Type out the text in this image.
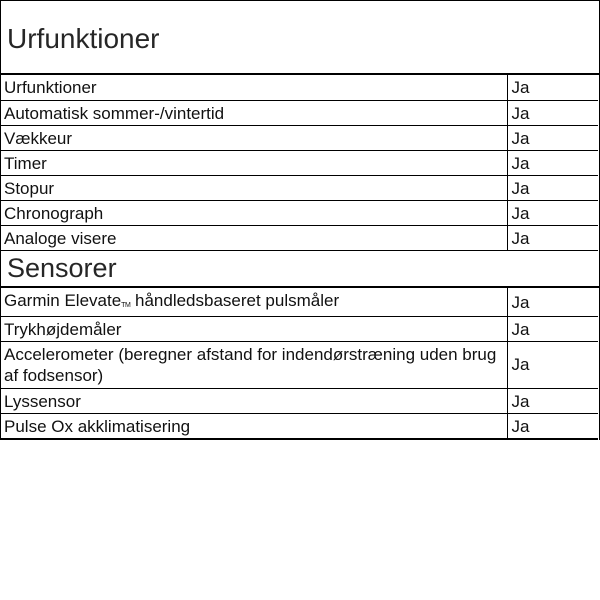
Urfunktioner
Urfunktioner	Ja
Automatisk sommer-/vintertid	Ja
Vækkeur	Ja
Timer	Ja
Stopur	Ja
Chronograph	Ja
Analoge visere	Ja
Sensorer
Garmin ElevateTM håndledsbaseret pulsmåler	Ja
Trykhøjdemåler	Ja
Accelerometer (beregner afstand for indendørstræning uden brug af fodsensor)	Ja
Lyssensor	Ja
Pulse Ox akklimatisering	Ja
